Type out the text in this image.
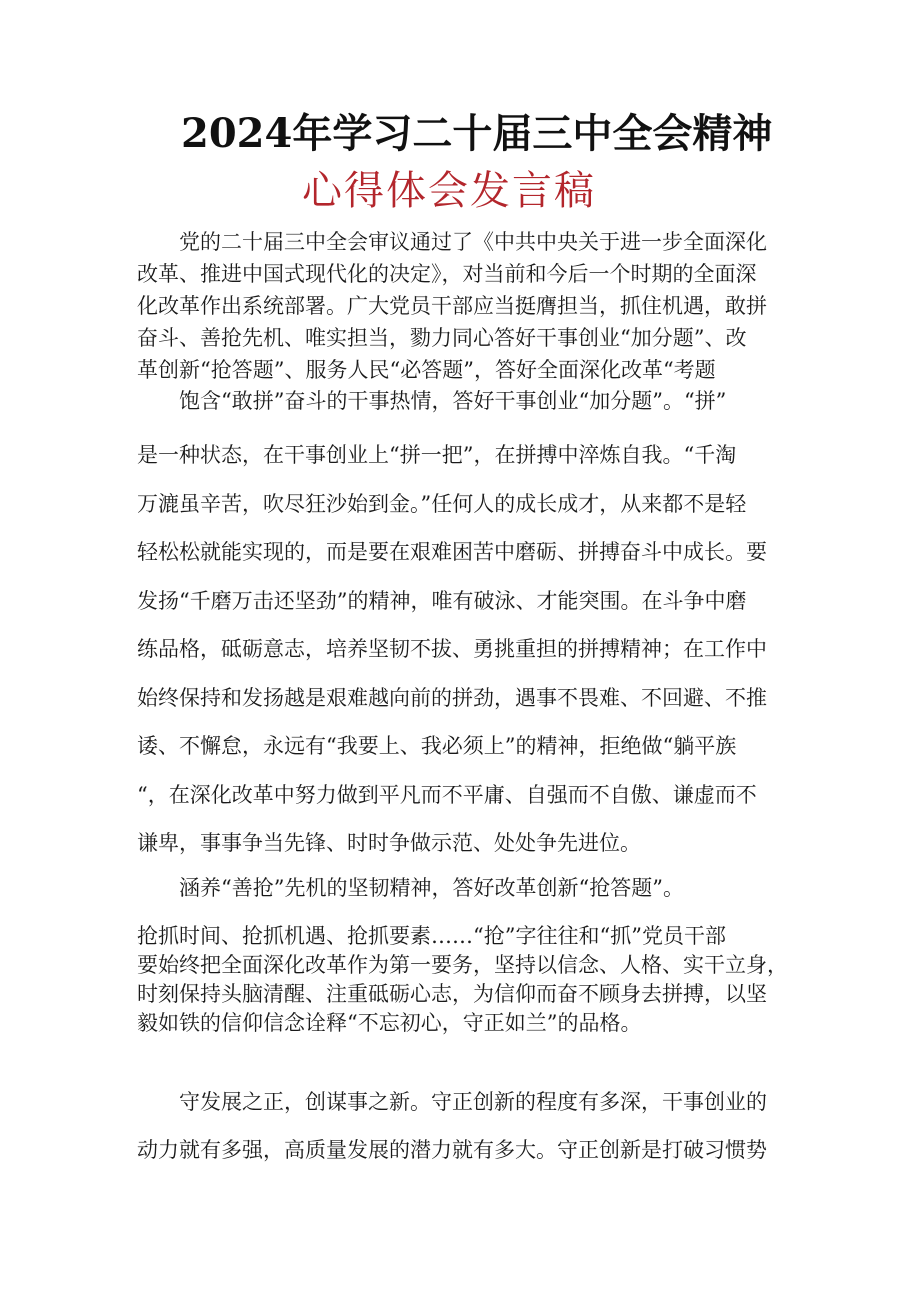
2024年学习二十届三中全会精神
心得体会发言稿
　　党的二十届三中全会审议通过了《中共中央关于进一步全面深化
改革、推进中国式现代化的决定》，对当前和今后一个时期的全面深
化改革作出系统部署。广大党员干部应当挺膺担当，抓住机遇，敢拼
奋斗、善抢先机、唯实担当，勠力同心答好干事创业“加分题”、改
革创新“抢答题”、服务人民“必答题”，答好全面深化改革“考题
　　饱含“敢拼”奋斗的干事热情，答好干事创业“加分题”。“拼”
是一种状态，在干事创业上“拼一把”，在拼搏中淬炼自我。“千淘
万漉虽辛苦，吹尽狂沙始到金。”任何人的成长成才，从来都不是轻
轻松松就能实现的，而是要在艰难困苦中磨砺、拼搏奋斗中成长。要
发扬“千磨万击还坚劲”的精神，唯有破泳、才能突围。在斗争中磨
练品格，砥砺意志，培养坚韧不拔、勇挑重担的拼搏精神；在工作中
始终保持和发扬越是艰难越向前的拼劲，遇事不畏难、不回避、不推
诿、不懈怠，永远有“我要上、我必须上”的精神，拒绝做“躺平族
“，在深化改革中努力做到平凡而不平庸、自强而不自傲、谦虚而不
谦卑，事事争当先锋、时时争做示范、处处争先进位。
　　涵养“善抢”先机的坚韧精神，答好改革创新“抢答题”。
抢抓时间、抢抓机遇、抢抓要素……“抢”字往往和“抓”党员干部
要始终把全面深化改革作为第一要务，坚持以信念、人格、实干立身，
时刻保持头脑清醒、注重砥砺心志，为信仰而奋不顾身去拼搏，以坚
毅如铁的信仰信念诠释“不忘初心，守正如兰”的品格。
　　守发展之正，创谋事之新。守正创新的程度有多深，干事创业的
动力就有多强，高质量发展的潜力就有多大。守正创新是打破习惯势
